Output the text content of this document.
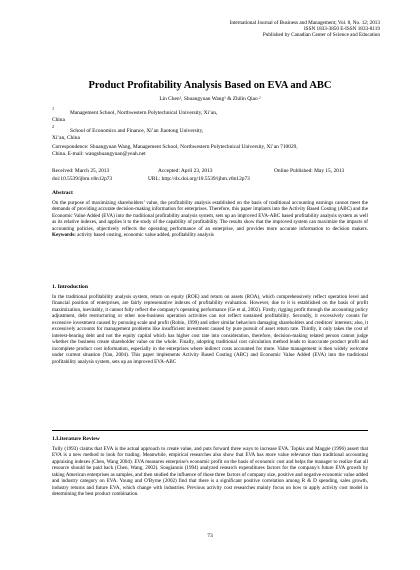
International Journal of Business and Management; Vol. 8, No. 12; 2013
ISSN 1833-3850 E-ISSN 1833-8119
Published by Canadian Center of Science and Education
Product Profitability Analysis Based on EVA and ABC
Lin Chen¹, Shuangyuan Wang¹ & Zhilin Qiao ²
1
Management School, Northwestern Polytechnical University, Xi’an,
China
2
School of Economics and Finance, Xi’an Jiaotong University,
Xi’an, China
Correspondence: Shuangyuan Wang, Management School, Northwestern Polytechnical University, Xi’an 710029,
China. E-mail: wangshuangyuan@yeah.net
Received: March 25, 2013	Accepted: April 23, 2013	Online Published: May 15, 2013
doi:10.5539/ijbm.v8n12p73	URL: http://dx.doi.org/10.5539/ijbm.v8n12p73
Abstract

On the purpose of maximizing shareholders’ value, the profitability analysis established on the basis of traditional accounting earnings cannot meet the demands of providing accurate decision-making information for enterprises. Therefore, this paper implants into the Activity Based Costing (ABC) and the Economic Value Added (EVA) into the traditional profitability analysis system, sets up an improved EVA-ABC based profitability analysis system as well as its relative indexes, and applies it to the study of the capability of profitability. The results show that the improved system can maximize the impacts of accounting policies, objectively reflects the operating performance of an enterprise, and provides more accurate information to decision makers. Keywords: activity based costing, economic value added, profitability analysis

1. Introduction

In the traditional profitability analysis system, return on equity (ROE) and return on assets (ROA), which comprehensively reflect operation level and financial position of enterprises, are fairly representative indexes of profitability evaluation. However, due to it is established on the basis of profit maximization, inevitably, it cannot fully reflect the company's operating performance (Ge et al, 2002). Firstly, rigging profit through the accounting policy adjustment, debt restructuring or other non-business operation activities can not reflect sustained profitability. Secondly, it excessively counts for excessive investment caused by pursuing scale and profit (Robin, 1999) and other similar behaviors damaging shareholders and creditors' interests; also, it excessively accounts for management problems like insufficient investment caused by pure pursuit of asset return rate. Thirdly, it only takes the cost of interest-bearing debt and not the equity capital which has higher cost rate into consideration, therefore, decision-making related person cannot judge whether the business create shareholder value on the whole. Finally, adopting traditional cost calculation method leads to inaccurate product profit and incomplete product cost information, especially in the enterprises where indirect costs accounted for more. Value management is then widely welcome under current situation (Yan, 2004). This paper implements Activity Based Costing (ABC) and Economic Value Added (EVA) into the traditional profitability analysis system, sets up an improved EVA-ABC

1.Literature Review

Tully (1993) claims that EVA is the actual approach to create value, and puts forward three ways to increase EVA. Topkis and Maggie (1996) assert that EVA is a new method to look for trading. Meanwhile, empirical researches also show that EVA has more value relevance than traditional accounting appraising indexes (Chen, Wang 2004). EVA measures enterprise's economic profit on the basis of economic cost and helps the manager to realize that all resource should be paid back (Chen, Wang, 2002). Sougiannis (1994) analyzed research expenditures factors for the company's future EVA growth by taking American enterprises as samples, and then studied the influence of those three factors of company size, positive and negative economic value added and industry category on EVA. Young and O'Byrne (2002) find that there is a significant positive correlation among R & D spending, sales growth, industry returns and future EVA, which change with industries. Previous activity cost researches mainly focus on how to apply activity cost model in determining the best product combination.

73
